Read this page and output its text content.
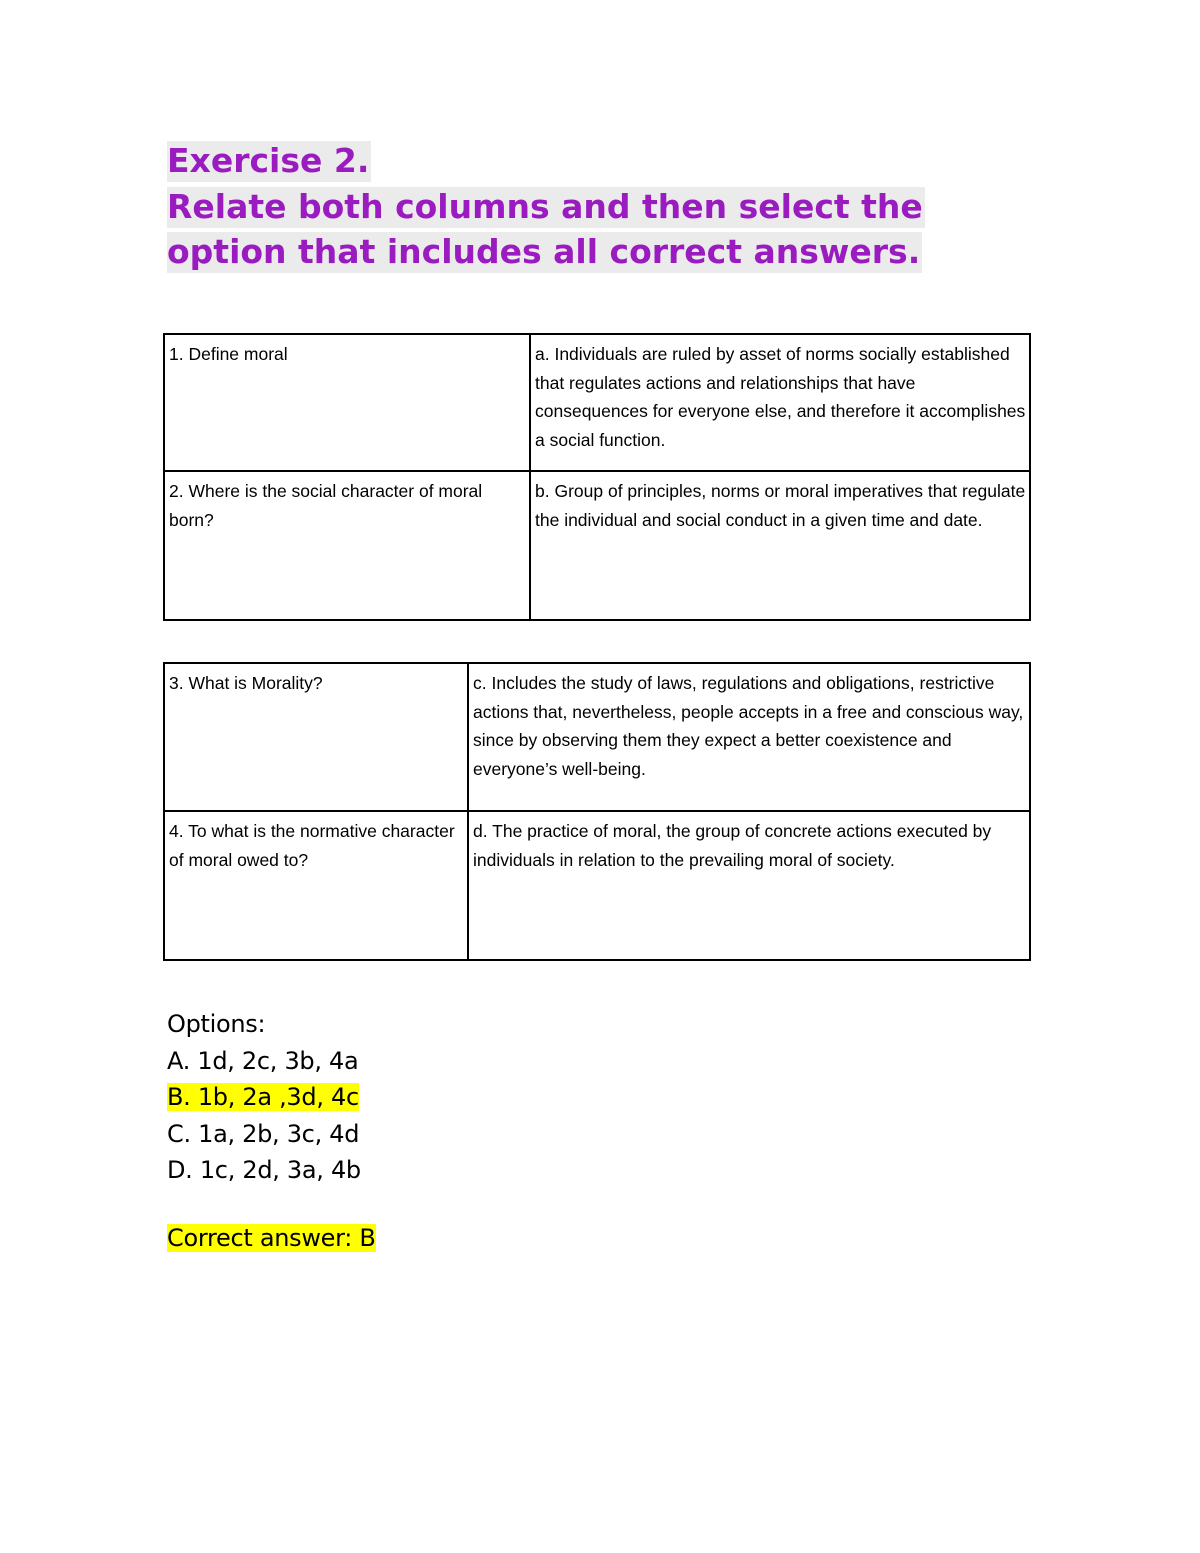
Exercise 2.
Relate both columns and then select the
option that includes all correct answers.
1. Define moral	a. Individuals are ruled by asset of norms socially established that regulates actions and relationships that have consequences for everyone else, and therefore it accomplishes a social function.
2. Where is the social character of moral born?	b. Group of principles, norms or moral imperatives that regulate the individual and social conduct in a given time and date.
3. What is Morality?	c. Includes the study of laws, regulations and obligations, restrictive actions that, nevertheless, people accepts in a free and conscious way, since by observing them they expect a better coexistence and everyone’s well-being.
4. To what is the normative character of moral owed to?	d. The practice of moral, the group of concrete actions executed by individuals in relation to the prevailing moral of society.
Options:
A. 1d, 2c, 3b, 4a
B. 1b, 2a ,3d, 4c
C. 1a, 2b, 3c, 4d
D. 1c, 2d, 3a, 4b
Correct answer: B
